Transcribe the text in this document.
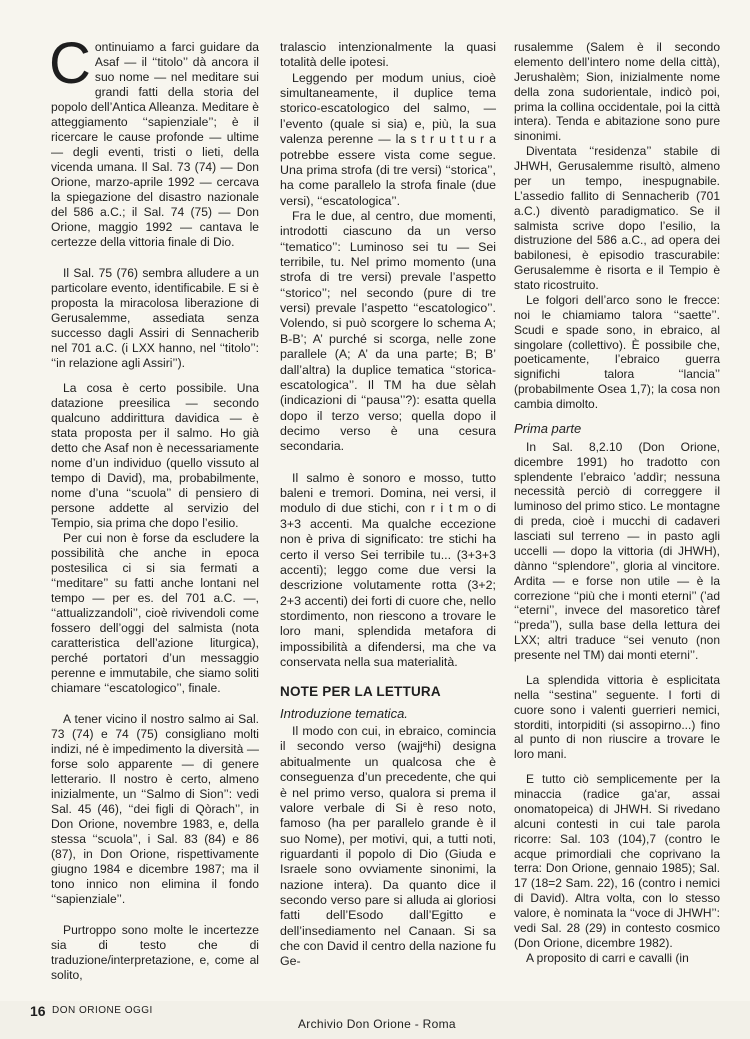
Continuiamo a farci guidare da Asaf — il ‘‘titolo’’ dà ancora il suo nome — nel meditare sui grandi fatti della storia del popolo dell’Antica Alleanza. Meditare è atteggiamento ‘‘sapienziale’’; è il ricercare le cause profonde — ultime — degli eventi, tristi o lieti, della vicenda umana. Il Sal. 73 (74) — Don Orione, marzo-aprile 1992 — cercava la spiegazione del disastro nazionale del 586 a.C.; il Sal. 74 (75) — Don Orione, maggio 1992 — cantava le certezze della vittoria finale di Dio.

Il Sal. 75 (76) sembra alludere a un particolare evento, identificabile. E si è proposta la miracolosa liberazione di Gerusalemme, assediata senza successo dagli Assiri di Sennacherib nel 701 a.C. (i LXX hanno, nel ‘‘titolo’’: ‘‘in relazione agli Assiri’’).

La cosa è certo possibile. Una datazione preesilica — secondo qualcuno addirittura davidica — è stata proposta per il salmo. Ho già detto che Asaf non è necessariamente nome d’un individuo (quello vissuto al tempo di David), ma, probabilmente, nome d’una ‘‘scuola’’ di pensiero di persone addette al servizio del Tempio, sia prima che dopo l’esilio.

Per cui non è forse da escludere la possibilità che anche in epoca postesilica ci si sia fermati a ‘‘meditare’’ su fatti anche lontani nel tempo — per es. del 701 a.C. —, ‘‘attualizzandoli’’, cioè rivivendoli come fossero dell’oggi del salmista (nota caratteristica dell’azione liturgica), perché portatori d’un messaggio perenne e immutabile, che siamo soliti chiamare ‘‘escatologico’’, finale.

A tener vicino il nostro salmo ai Sal. 73 (74) e 74 (75) consigliano molti indizi, né è impedimento la diversità — forse solo apparente — di genere letterario. Il nostro è certo, almeno inizialmente, un ‘‘Salmo di Sion’’: vedi Sal. 45 (46), ‘‘dei figli di Qòrach’’, in Don Orione, novembre 1983, e, della stessa ‘‘scuola’’, i Sal. 83 (84) e 86 (87), in Don Orione, rispettivamente giugno 1984 e dicembre 1987; ma il tono innico non elimina il fondo ‘‘sapienziale’’.

Purtroppo sono molte le incertezze sia di testo che di traduzione/interpretazione, e, come al solito,

tralascio intenzionalmente la quasi totalità delle ipotesi.

Leggendo per modum unius, cioè simultaneamente, il duplice tema storico-escatologico del salmo, — l’evento (quale si sia) e, più, la sua valenza perenne — la s t r u t t u r a potrebbe essere vista come segue. Una prima strofa (di tre versi) ‘‘storica’’, ha come parallelo la strofa finale (due versi), ‘‘escatologica’’.

Fra le due, al centro, due momenti, introdotti ciascuno da un verso ‘‘tematico’’: Luminoso sei tu — Sei terribile, tu. Nel primo momento (una strofa di tre versi) prevale l’aspetto ‘‘storico’’; nel secondo (pure di tre versi) prevale l’aspetto ‘‘escatologico’’. Volendo, si può scorgere lo schema A; B-B’; A’ purché si scorga, nelle zone parallele (A; A’ da una parte; B; B’ dall’altra) la duplice tematica ‘‘storica-escatologica’’. Il TM ha due sèlah (indicazioni di ‘‘pausa’’?): esatta quella dopo il terzo verso; quella dopo il decimo verso è una cesura secondaria.

Il salmo è sonoro e mosso, tutto baleni e tremori. Domina, nei versi, il modulo di due stichi, con r i t m o di 3+3 accenti. Ma qualche eccezione non è priva di significato: tre stichi ha certo il verso Sei terribile tu... (3+3+3 accenti); leggo come due versi la descrizione volutamente rotta (3+2; 2+3 accenti) dei forti di cuore che, nello stordimento, non riescono a trovare le loro mani, splendida metafora di impossibilità a difendersi, ma che va conservata nella sua materialità.

NOTE PER LA LETTURA
Introduzione tematica.

Il modo con cui, in ebraico, comincia il secondo verso (wajjᵉhi) designa abitualmente un qualcosa che è conseguenza d’un precedente, che qui è nel primo verso, qualora si prema il valore verbale di Si è reso noto, famoso (ha per parallelo grande è il suo Nome), per motivi, qui, a tutti noti, riguardanti il popolo di Dio (Giuda e Israele sono ovviamente sinonimi, la nazione intera). Da quanto dice il secondo verso pare si alluda ai gloriosi fatti dell’Esodo dall’Egitto e dell’insediamento nel Canaan. Si sa che con David il centro della nazione fu Ge-

rusalemme (Salem è il secondo elemento dell’intero nome della città), Jerushalèm; Sion, inizialmente nome della zona sudorientale, indicò poi, prima la collina occidentale, poi la città intera). Tenda e abitazione sono pure sinonimi.

Diventata ‘‘residenza’’ stabile di JHWH, Gerusalemme risultò, almeno per un tempo, inespugnabile. L’assedio fallito di Sennacherib (701 a.C.) diventò paradigmatico. Se il salmista scrive dopo l’esilio, la distruzione del 586 a.C., ad opera dei babilonesi, è episodio trascurabile: Gerusalemme è risorta e il Tempio è stato ricostruito.

Le folgori dell’arco sono le frecce: noi le chiamiamo talora ‘‘saette’’. Scudi e spade sono, in ebraico, al singolare (collettivo). È possibile che, poeticamente, l’ebraico guerra significhi talora ‘‘lancia’’ (probabilmente Osea 1,7); la cosa non cambia dimolto.

Prima parte

In Sal. 8,2.10 (Don Orione, dicembre 1991) ho tradotto con splendente l’ebraico ’addìr; nessuna necessità perciò di correggere il luminoso del primo stico. Le montagne di preda, cioè i mucchi di cadaveri lasciati sul terreno — in pasto agli uccelli — dopo la vittoria (di JHWH), dànno ‘‘splendore’’, gloria al vincitore. Ardita — e forse non utile — è la correzione ‘‘più che i monti eterni’’ (’ad ‘‘eterni’’, invece del masoretico tàref ‘‘preda’’), sulla base della lettura dei LXX; altri traduce ‘‘sei venuto (non presente nel TM) dai monti eterni’’.

La splendida vittoria è esplicitata nella ‘‘sestina’’ seguente. I forti di cuore sono i valenti guerrieri nemici, storditi, intorpiditi (si assopirno...) fino al punto di non riuscire a trovare le loro mani.

E tutto ciò semplicemente per la minaccia (radice ga‘ar, assai onomatopeica) di JHWH. Si rivedano alcuni contesti in cui tale parola ricorre: Sal. 103 (104),7 (contro le acque primordiali che coprivano la terra: Don Orione, gennaio 1985); Sal. 17 (18=2 Sam. 22), 16 (contro i nemici di David). Altra volta, con lo stesso valore, è nominata la ‘‘voce di JHWH’’: vedi Sal. 28 (29) in contesto cosmico (Don Orione, dicembre 1982).

A proposito di carri e cavalli (in

16 DON ORIONE OGGI
Archivio Don Orione - Roma
